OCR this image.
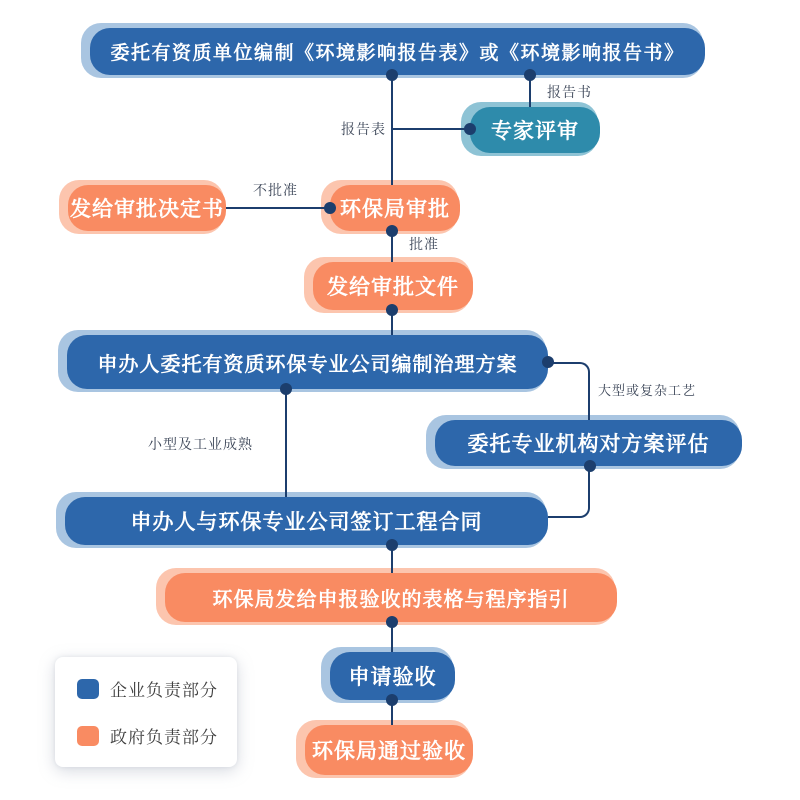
委托有资质单位编制《环境影响报告表》或《环境影响报告书》
专家评审
发给审批决定书	环保局审批
发给审批文件
申办人委托有资质环保专业公司编制治理方案
委托专业机构对方案评估
申办人与环保专业公司签订工程合同
环保局发给申报验收的表格与程序指引
申请验收
环保局通过验收
报告表
报告书
不批准
批准
小型及工业成熟
大型或复杂工艺
企业负责部分
政府负责部分
